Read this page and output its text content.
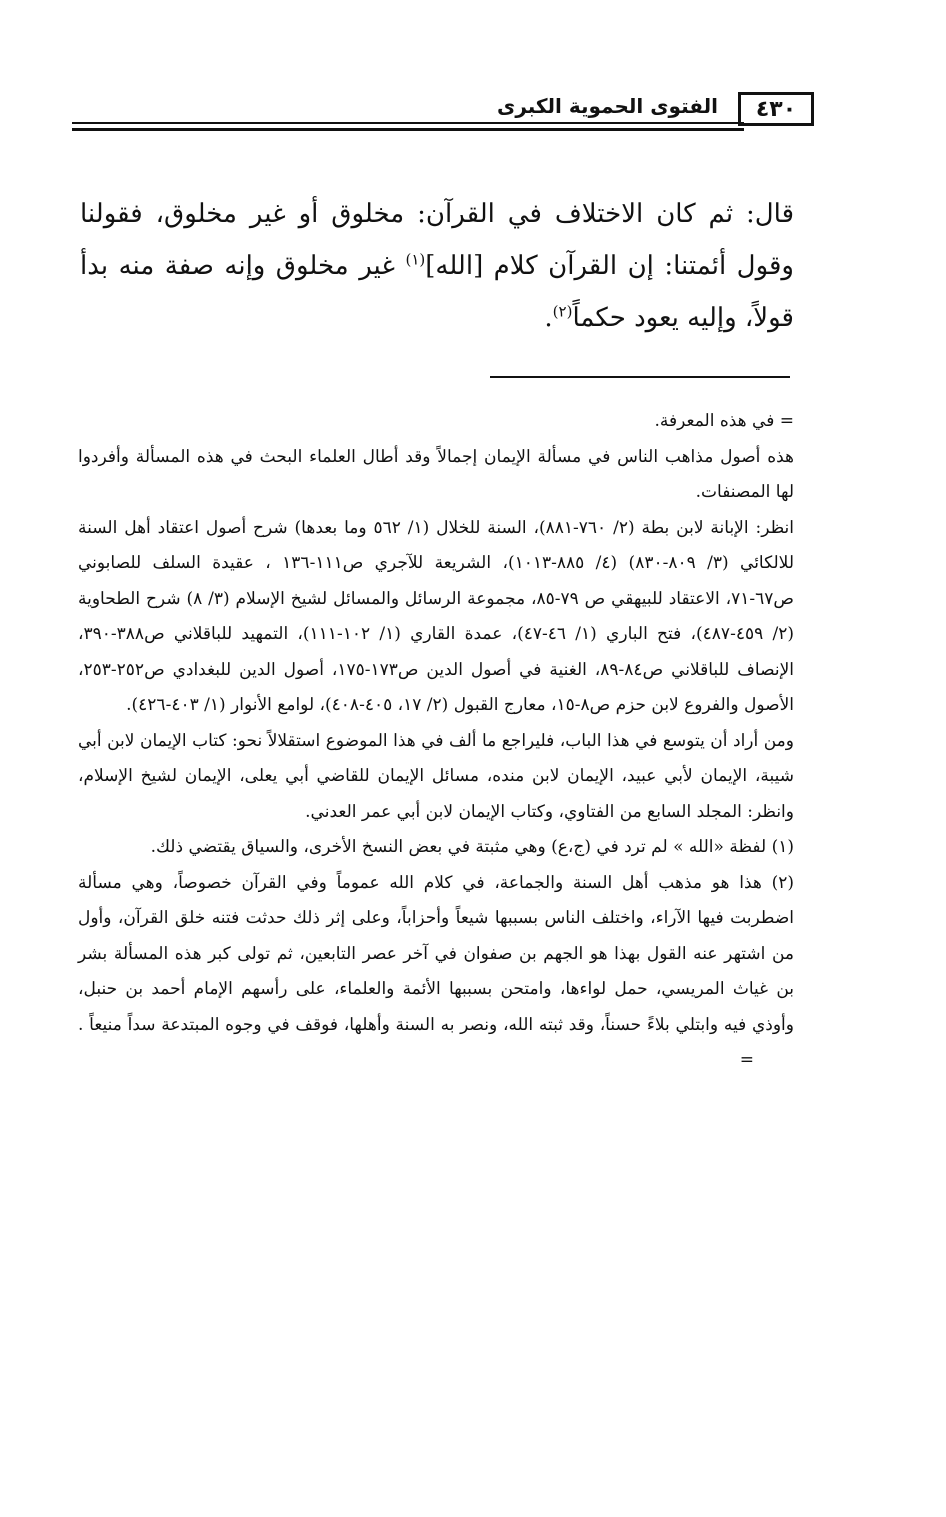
٤٣٠
الفتوى الحموية الكبرى
قال: ثم كان الاختلاف في القرآن: مخلوق أو غير مخلوق، فقولنا وقول أئمتنا: إن القرآن كلام [الله]$^{(١)}$ غير مخلوق وإنه صفة منه بدأ قولاً، وإليه يعود حكماً$^{(٢)}$.

= في هذه المعرفة.

هذه أصول مذاهب الناس في مسألة الإيمان إجمالاً وقد أطال العلماء البحث في هذه المسألة وأفردوا لها المصنفات.

انظر: الإبانة لابن بطة (٢/ ٧٦٠-٨٨١)، السنة للخلال (١/ ٥٦٢ وما بعدها) شرح أصول اعتقاد أهل السنة للالكائي (٣/ ٨٠٩-٨٣٠) (٤/ ٨٨٥-١٠١٣)، الشريعة للآجري ص١١١-١٣٦ ، عقيدة السلف للصابوني ص٦٧-٧١، الاعتقاد للبيهقي ص ٧٩-٨٥، مجموعة الرسائل والمسائل لشيخ الإسلام (٣/ ٨) شرح الطحاوية (٢/ ٤٥٩-٤٨٧)، فتح الباري (١/ ٤٦-٤٧)، عمدة القاري (١/ ١٠٢-١١١)، التمهيد للباقلاني ص٣٨٨-٣٩٠، الإنصاف للباقلاني ص٨٤-٨٩، الغنية في أصول الدين ص١٧٣-١٧٥، أصول الدين للبغدادي ص٢٥٢-٢٥٣، الأصول والفروع لابن حزم ص٨-١٥، معارج القبول (٢/ ١٧، ٤٠٥-٤٠٨)، لوامع الأنوار (١/ ٤٠٣-٤٢٦).

ومن أراد أن يتوسع في هذا الباب، فليراجع ما ألف في هذا الموضوع استقلالاً نحو: كتاب الإيمان لابن أبي شيبة، الإيمان لأبي عبيد، الإيمان لابن منده، مسائل الإيمان للقاضي أبي يعلى، الإيمان لشيخ الإسلام، وانظر: المجلد السابع من الفتاوي، وكتاب الإيمان لابن أبي عمر العدني.

(١) لفظة «الله » لم ترد في (ج،ع) وهي مثبتة في بعض النسخ الأخرى، والسياق يقتضي ذلك.

(٢) هذا هو مذهب أهل السنة والجماعة، في كلام الله عموماً وفي القرآن خصوصاً، وهي مسألة اضطربت فيها الآراء، واختلف الناس بسببها شيعاً وأحزاباً، وعلى إثر ذلك حدثت فتنه خلق القرآن، وأول من اشتهر عنه القول بهذا هو الجهم بن صفوان في آخر عصر التابعين، ثم تولى كبر هذه المسألة بشر بن غياث المريسي، حمل لواءها، وامتحن بسببها الأئمة والعلماء، على رأسهم الإمام أحمد بن حنبل، وأوذي فيه وابتلي بلاءً حسناً، وقد ثبته الله، ونصر به السنة وأهلها، فوقف في وجوه المبتدعة سداً منيعاً .=
